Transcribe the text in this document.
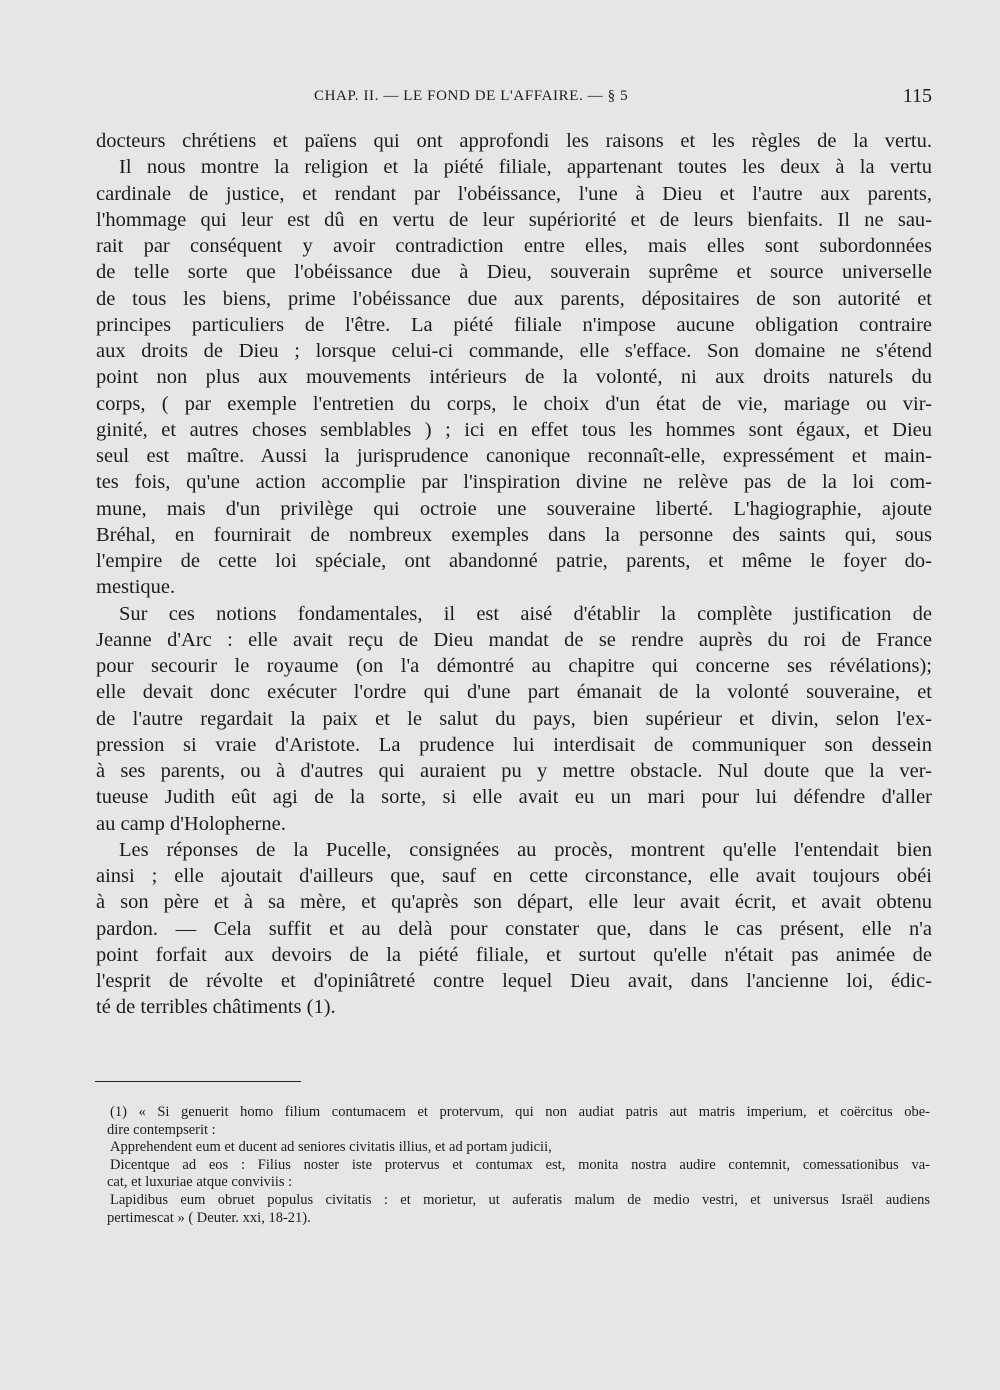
CHAP. II. — LE FOND DE L'AFFAIRE. — § 5	115
docteurs chrétiens et païens qui ont approfondi les raisons et les règles de la vertu.
Il nous montre la religion et la piété filiale, appartenant toutes les deux à la vertu
cardinale de justice, et rendant par l'obéissance, l'une à Dieu et l'autre aux parents,
l'hommage qui leur est dû en vertu de leur supériorité et de leurs bienfaits. Il ne sau-
rait par conséquent y avoir contradiction entre elles, mais elles sont subordonnées
de telle sorte que l'obéissance due à Dieu, souverain suprême et source universelle
de tous les biens, prime l'obéissance due aux parents, dépositaires de son autorité et
principes particuliers de l'être. La piété filiale n'impose aucune obligation contraire
aux droits de Dieu ; lorsque celui-ci commande, elle s'efface. Son domaine ne s'étend
point non plus aux mouvements intérieurs de la volonté, ni aux droits naturels du
corps, ( par exemple l'entretien du corps, le choix d'un état de vie, mariage ou vir-
ginité, et autres choses semblables ) ; ici en effet tous les hommes sont égaux, et Dieu
seul est maître. Aussi la jurisprudence canonique reconnaît-elle, expressément et main-
tes fois, qu'une action accomplie par l'inspiration divine ne relève pas de la loi com-
mune, mais d'un privilège qui octroie une souveraine liberté. L'hagiographie, ajoute
Bréhal, en fournirait de nombreux exemples dans la personne des saints qui, sous
l'empire de cette loi spéciale, ont abandonné patrie, parents, et même le foyer do-
mestique.
Sur ces notions fondamentales, il est aisé d'établir la complète justification de
Jeanne d'Arc : elle avait reçu de Dieu mandat de se rendre auprès du roi de France
pour secourir le royaume (on l'a démontré au chapitre qui concerne ses révélations);
elle devait donc exécuter l'ordre qui d'une part émanait de la volonté souveraine, et
de l'autre regardait la paix et le salut du pays, bien supérieur et divin, selon l'ex-
pression si vraie d'Aristote. La prudence lui interdisait de communiquer son dessein
à ses parents, ou à d'autres qui auraient pu y mettre obstacle. Nul doute que la ver-
tueuse Judith eût agi de la sorte, si elle avait eu un mari pour lui défendre d'aller
au camp d'Holopherne.
Les réponses de la Pucelle, consignées au procès, montrent qu'elle l'entendait bien
ainsi ; elle ajoutait d'ailleurs que, sauf en cette circonstance, elle avait toujours obéi
à son père et à sa mère, et qu'après son départ, elle leur avait écrit, et avait obtenu
pardon. — Cela suffit et au delà pour constater que, dans le cas présent, elle n'a
point forfait aux devoirs de la piété filiale, et surtout qu'elle n'était pas animée de
l'esprit de révolte et d'opiniâtreté contre lequel Dieu avait, dans l'ancienne loi, édic-
té de terribles châtiments (1).
(1) « Si genuerit homo filium contumacem et protervum, qui non audiat patris aut matris imperium, et coërcitus obe-
dire contempserit :
Apprehendent eum et ducent ad seniores civitatis illius, et ad portam judicii,
Dicentque ad eos : Filius noster iste protervus et contumax est, monita nostra audire contemnit, comessationibus va-
cat, et luxuriae atque conviviis :
Lapidibus eum obruet populus civitatis : et morietur, ut auferatis malum de medio vestri, et universus Israël audiens
pertimescat » ( Deuter. xxi, 18-21).
